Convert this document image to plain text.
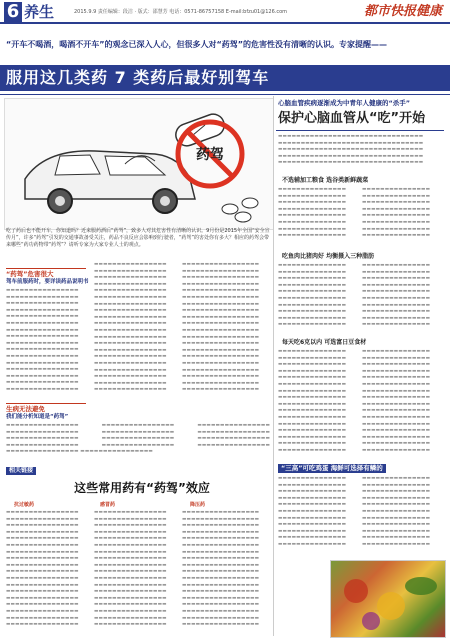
6 养生	2015.9.9 责任编辑：段洁 · 版式：邵慧芳 电话：0571-86757158 E-mail:bfzu01@126.com	都市快报健康
“开车不喝酒，喝酒不开车”的观念已深入人心，但很多人对“药驾”的危害性没有清晰的认识。专家提醒——
服用这几类药 7 类药后最好别驾车
药驾
吃了药后也不能开车，你知道吗？近来服药酒后“药驾”，致多人对其危害性有清晰的认识。9月份是2015年全国“安全宣传月”，许多“药驾”引发的交通事故备受关注，药品不良反应会影响到行驶者，“药驾”的害处你有多大？相应的药驾会带来哪些“药功药物带“药驾”？请听专家为大家专业人士的观点。
“药驾”危害很大
驾车前服药时，要详读药品说明书
▬▬▬▬▬▬▬▬▬▬▬▬▬▬▬▬ ▬▬▬▬▬▬▬▬▬▬▬▬▬▬▬▬ ▬▬▬▬▬▬▬▬▬▬▬▬▬▬▬▬ ▬▬▬▬▬▬▬▬▬▬▬▬▬▬▬▬ ▬▬▬▬▬▬▬▬▬▬▬▬▬▬▬▬ ▬▬▬▬▬▬▬▬▬▬▬▬▬▬▬▬ ▬▬▬▬▬▬▬▬▬▬▬▬▬▬▬▬ ▬▬▬▬▬▬▬▬▬▬▬▬▬▬▬▬ ▬▬▬▬▬▬▬▬▬▬▬▬▬▬▬▬ ▬▬▬▬▬▬▬▬▬▬▬▬▬▬▬▬ ▬▬▬▬▬▬▬▬▬▬▬▬▬▬▬▬ ▬▬▬▬▬▬▬▬▬▬▬▬▬▬▬▬ ▬▬▬▬▬▬▬▬▬▬▬▬▬▬▬▬ ▬▬▬▬▬▬▬▬▬▬▬▬▬▬▬▬ ▬▬▬▬▬▬▬▬▬▬▬▬▬▬▬▬ ▬▬▬▬▬▬▬▬▬▬▬▬▬▬▬▬
▬▬▬▬▬▬▬▬▬▬▬▬▬▬▬▬ ▬▬▬▬▬▬▬▬▬▬▬▬▬▬▬▬ ▬▬▬▬▬▬▬▬▬▬▬▬▬▬▬▬ ▬▬▬▬▬▬▬▬▬▬▬▬▬▬▬▬ ▬▬▬▬▬▬▬▬▬▬▬▬▬▬▬▬ ▬▬▬▬▬▬▬▬▬▬▬▬▬▬▬▬ ▬▬▬▬▬▬▬▬▬▬▬▬▬▬▬▬ ▬▬▬▬▬▬▬▬▬▬▬▬▬▬▬▬ ▬▬▬▬▬▬▬▬▬▬▬▬▬▬▬▬ ▬▬▬▬▬▬▬▬▬▬▬▬▬▬▬▬ ▬▬▬▬▬▬▬▬▬▬▬▬▬▬▬▬ ▬▬▬▬▬▬▬▬▬▬▬▬▬▬▬▬ ▬▬▬▬▬▬▬▬▬▬▬▬▬▬▬▬ ▬▬▬▬▬▬▬▬▬▬▬▬▬▬▬▬ ▬▬▬▬▬▬▬▬▬▬▬▬▬▬▬▬ ▬▬▬▬▬▬▬▬▬▬▬▬▬▬▬▬ ▬▬▬▬▬▬▬▬▬▬▬▬▬▬▬▬ ▬▬▬▬▬▬▬▬▬▬▬▬▬▬▬▬ ▬▬▬▬▬▬▬▬▬▬▬▬▬▬▬▬ ▬▬▬▬▬▬▬▬▬▬▬▬▬▬▬▬
▬▬▬▬▬▬▬▬▬▬▬▬▬▬▬▬▬ ▬▬▬▬▬▬▬▬▬▬▬▬▬▬▬▬▬ ▬▬▬▬▬▬▬▬▬▬▬▬▬▬▬▬▬ ▬▬▬▬▬▬▬▬▬▬▬▬▬▬▬▬▬ ▬▬▬▬▬▬▬▬▬▬▬▬▬▬▬▬▬ ▬▬▬▬▬▬▬▬▬▬▬▬▬▬▬▬▬ ▬▬▬▬▬▬▬▬▬▬▬▬▬▬▬▬▬ ▬▬▬▬▬▬▬▬▬▬▬▬▬▬▬▬▬ ▬▬▬▬▬▬▬▬▬▬▬▬▬▬▬▬▬ ▬▬▬▬▬▬▬▬▬▬▬▬▬▬▬▬▬ ▬▬▬▬▬▬▬▬▬▬▬▬▬▬▬▬▬ ▬▬▬▬▬▬▬▬▬▬▬▬▬▬▬▬▬ ▬▬▬▬▬▬▬▬▬▬▬▬▬▬▬▬▬ ▬▬▬▬▬▬▬▬▬▬▬▬▬▬▬▬▬ ▬▬▬▬▬▬▬▬▬▬▬▬▬▬▬▬▬ ▬▬▬▬▬▬▬▬▬▬▬▬▬▬▬▬▬ ▬▬▬▬▬▬▬▬▬▬▬▬▬▬▬▬▬ ▬▬▬▬▬▬▬▬▬▬▬▬▬▬▬▬▬ ▬▬▬▬▬▬▬▬▬▬▬▬▬▬▬▬▬ ▬▬▬▬▬▬▬▬▬▬▬▬▬▬▬▬▬
生病无法避免
我们能分析知道是“药驾”
▬▬▬▬▬▬▬▬▬▬▬▬▬▬▬▬ ▬▬▬▬▬▬▬▬▬▬▬▬▬▬▬▬ ▬▬▬▬▬▬▬▬▬▬▬▬▬▬▬▬ ▬▬▬▬▬▬▬▬▬▬▬▬▬▬▬▬ ▬▬▬▬▬▬▬▬▬▬▬▬▬▬▬▬ ▬▬▬▬▬▬▬▬▬▬▬▬▬▬▬▬ ▬▬▬▬▬▬▬▬▬▬▬▬▬▬▬▬ ▬▬▬▬▬▬▬▬▬▬▬▬▬▬▬▬ ▬▬▬▬▬▬▬▬▬▬▬▬▬▬▬▬ ▬▬▬▬▬▬▬▬▬▬▬▬▬▬▬▬ ▬▬▬▬▬▬▬▬▬▬▬▬▬▬▬▬ ▬▬▬▬▬▬▬▬▬▬▬▬▬▬▬▬ ▬▬▬▬▬▬▬▬▬▬▬▬▬▬▬▬ ▬▬▬▬▬▬▬▬▬▬▬▬▬▬▬▬
相关链接
这些常用药有“药驾”效应
抗过敏药
▬▬▬▬▬▬▬▬▬▬▬▬▬▬▬▬ ▬▬▬▬▬▬▬▬▬▬▬▬▬▬▬▬ ▬▬▬▬▬▬▬▬▬▬▬▬▬▬▬▬ ▬▬▬▬▬▬▬▬▬▬▬▬▬▬▬▬ ▬▬▬▬▬▬▬▬▬▬▬▬▬▬▬▬ ▬▬▬▬▬▬▬▬▬▬▬▬▬▬▬▬ ▬▬▬▬▬▬▬▬▬▬▬▬▬▬▬▬ ▬▬▬▬▬▬▬▬▬▬▬▬▬▬▬▬ ▬▬▬▬▬▬▬▬▬▬▬▬▬▬▬▬ ▬▬▬▬▬▬▬▬▬▬▬▬▬▬▬▬ ▬▬▬▬▬▬▬▬▬▬▬▬▬▬▬▬ ▬▬▬▬▬▬▬▬▬▬▬▬▬▬▬▬ ▬▬▬▬▬▬▬▬▬▬▬▬▬▬▬▬ ▬▬▬▬▬▬▬▬▬▬▬▬▬▬▬▬ ▬▬▬▬▬▬▬▬▬▬▬▬▬▬▬▬ ▬▬▬▬▬▬▬▬▬▬▬▬▬▬▬▬ ▬▬▬▬▬▬▬▬▬▬▬▬▬▬▬▬ ▬▬▬▬▬▬▬▬▬▬▬▬▬▬▬▬
感冒药
▬▬▬▬▬▬▬▬▬▬▬▬▬▬▬▬ ▬▬▬▬▬▬▬▬▬▬▬▬▬▬▬▬ ▬▬▬▬▬▬▬▬▬▬▬▬▬▬▬▬ ▬▬▬▬▬▬▬▬▬▬▬▬▬▬▬▬ ▬▬▬▬▬▬▬▬▬▬▬▬▬▬▬▬ ▬▬▬▬▬▬▬▬▬▬▬▬▬▬▬▬ ▬▬▬▬▬▬▬▬▬▬▬▬▬▬▬▬ ▬▬▬▬▬▬▬▬▬▬▬▬▬▬▬▬ ▬▬▬▬▬▬▬▬▬▬▬▬▬▬▬▬ ▬▬▬▬▬▬▬▬▬▬▬▬▬▬▬▬ ▬▬▬▬▬▬▬▬▬▬▬▬▬▬▬▬ ▬▬▬▬▬▬▬▬▬▬▬▬▬▬▬▬ ▬▬▬▬▬▬▬▬▬▬▬▬▬▬▬▬ ▬▬▬▬▬▬▬▬▬▬▬▬▬▬▬▬ ▬▬▬▬▬▬▬▬▬▬▬▬▬▬▬▬ ▬▬▬▬▬▬▬▬▬▬▬▬▬▬▬▬ ▬▬▬▬▬▬▬▬▬▬▬▬▬▬▬▬ ▬▬▬▬▬▬▬▬▬▬▬▬▬▬▬▬
降压药
▬▬▬▬▬▬▬▬▬▬▬▬▬▬▬▬▬ ▬▬▬▬▬▬▬▬▬▬▬▬▬▬▬▬▬ ▬▬▬▬▬▬▬▬▬▬▬▬▬▬▬▬▬ ▬▬▬▬▬▬▬▬▬▬▬▬▬▬▬▬▬ ▬▬▬▬▬▬▬▬▬▬▬▬▬▬▬▬▬ ▬▬▬▬▬▬▬▬▬▬▬▬▬▬▬▬▬ ▬▬▬▬▬▬▬▬▬▬▬▬▬▬▬▬▬ ▬▬▬▬▬▬▬▬▬▬▬▬▬▬▬▬▬ ▬▬▬▬▬▬▬▬▬▬▬▬▬▬▬▬▬ ▬▬▬▬▬▬▬▬▬▬▬▬▬▬▬▬▬ ▬▬▬▬▬▬▬▬▬▬▬▬▬▬▬▬▬ ▬▬▬▬▬▬▬▬▬▬▬▬▬▬▬▬▬ ▬▬▬▬▬▬▬▬▬▬▬▬▬▬▬▬▬ ▬▬▬▬▬▬▬▬▬▬▬▬▬▬▬▬▬ ▬▬▬▬▬▬▬▬▬▬▬▬▬▬▬▬▬ ▬▬▬▬▬▬▬▬▬▬▬▬▬▬▬▬▬ ▬▬▬▬▬▬▬▬▬▬▬▬▬▬▬▬▬ ▬▬▬▬▬▬▬▬▬▬▬▬▬▬▬▬▬
心脑血管疾病逐渐成为中青年人健康的“杀手”
保护心脑血管从“吃”开始
▬▬▬▬▬▬▬▬▬▬▬▬▬▬▬▬▬▬▬▬▬▬▬▬▬▬▬▬▬▬▬▬ ▬▬▬▬▬▬▬▬▬▬▬▬▬▬▬▬▬▬▬▬▬▬▬▬▬▬▬▬▬▬▬▬ ▬▬▬▬▬▬▬▬▬▬▬▬▬▬▬▬▬▬▬▬▬▬▬▬▬▬▬▬▬▬▬▬ ▬▬▬▬▬▬▬▬▬▬▬▬▬▬▬▬▬▬▬▬▬▬▬▬▬▬▬▬▬▬▬▬ ▬▬▬▬▬▬▬▬▬▬▬▬▬▬▬▬▬▬▬▬▬▬▬▬▬▬▬▬▬▬▬▬
不选辅加工粮食 选谷类新鲜蔬菜
▬▬▬▬▬▬▬▬▬▬▬▬▬▬▬ ▬▬▬▬▬▬▬▬▬▬▬▬▬▬▬ ▬▬▬▬▬▬▬▬▬▬▬▬▬▬▬ ▬▬▬▬▬▬▬▬▬▬▬▬▬▬▬ ▬▬▬▬▬▬▬▬▬▬▬▬▬▬▬ ▬▬▬▬▬▬▬▬▬▬▬▬▬▬▬ ▬▬▬▬▬▬▬▬▬▬▬▬▬▬▬ ▬▬▬▬▬▬▬▬▬▬▬▬▬▬▬
▬▬▬▬▬▬▬▬▬▬▬▬▬▬▬ ▬▬▬▬▬▬▬▬▬▬▬▬▬▬▬ ▬▬▬▬▬▬▬▬▬▬▬▬▬▬▬ ▬▬▬▬▬▬▬▬▬▬▬▬▬▬▬ ▬▬▬▬▬▬▬▬▬▬▬▬▬▬▬ ▬▬▬▬▬▬▬▬▬▬▬▬▬▬▬ ▬▬▬▬▬▬▬▬▬▬▬▬▬▬▬ ▬▬▬▬▬▬▬▬▬▬▬▬▬▬▬
吃鱼肉比猪肉好 均衡摄入三种脂肪
▬▬▬▬▬▬▬▬▬▬▬▬▬▬▬ ▬▬▬▬▬▬▬▬▬▬▬▬▬▬▬ ▬▬▬▬▬▬▬▬▬▬▬▬▬▬▬ ▬▬▬▬▬▬▬▬▬▬▬▬▬▬▬ ▬▬▬▬▬▬▬▬▬▬▬▬▬▬▬ ▬▬▬▬▬▬▬▬▬▬▬▬▬▬▬ ▬▬▬▬▬▬▬▬▬▬▬▬▬▬▬ ▬▬▬▬▬▬▬▬▬▬▬▬▬▬▬ ▬▬▬▬▬▬▬▬▬▬▬▬▬▬▬ ▬▬▬▬▬▬▬▬▬▬▬▬▬▬▬
▬▬▬▬▬▬▬▬▬▬▬▬▬▬▬ ▬▬▬▬▬▬▬▬▬▬▬▬▬▬▬ ▬▬▬▬▬▬▬▬▬▬▬▬▬▬▬ ▬▬▬▬▬▬▬▬▬▬▬▬▬▬▬ ▬▬▬▬▬▬▬▬▬▬▬▬▬▬▬ ▬▬▬▬▬▬▬▬▬▬▬▬▬▬▬ ▬▬▬▬▬▬▬▬▬▬▬▬▬▬▬ ▬▬▬▬▬▬▬▬▬▬▬▬▬▬▬ ▬▬▬▬▬▬▬▬▬▬▬▬▬▬▬ ▬▬▬▬▬▬▬▬▬▬▬▬▬▬▬
每天吃6克以内 可选富日豆食材
▬▬▬▬▬▬▬▬▬▬▬▬▬▬▬ ▬▬▬▬▬▬▬▬▬▬▬▬▬▬▬ ▬▬▬▬▬▬▬▬▬▬▬▬▬▬▬ ▬▬▬▬▬▬▬▬▬▬▬▬▬▬▬ ▬▬▬▬▬▬▬▬▬▬▬▬▬▬▬ ▬▬▬▬▬▬▬▬▬▬▬▬▬▬▬ ▬▬▬▬▬▬▬▬▬▬▬▬▬▬▬ ▬▬▬▬▬▬▬▬▬▬▬▬▬▬▬ ▬▬▬▬▬▬▬▬▬▬▬▬▬▬▬ ▬▬▬▬▬▬▬▬▬▬▬▬▬▬▬ ▬▬▬▬▬▬▬▬▬▬▬▬▬▬▬ ▬▬▬▬▬▬▬▬▬▬▬▬▬▬▬ ▬▬▬▬▬▬▬▬▬▬▬▬▬▬▬ ▬▬▬▬▬▬▬▬▬▬▬▬▬▬▬ ▬▬▬▬▬▬▬▬▬▬▬▬▬▬▬ ▬▬▬▬▬▬▬▬▬▬▬▬▬▬▬
▬▬▬▬▬▬▬▬▬▬▬▬▬▬▬ ▬▬▬▬▬▬▬▬▬▬▬▬▬▬▬ ▬▬▬▬▬▬▬▬▬▬▬▬▬▬▬ ▬▬▬▬▬▬▬▬▬▬▬▬▬▬▬ ▬▬▬▬▬▬▬▬▬▬▬▬▬▬▬ ▬▬▬▬▬▬▬▬▬▬▬▬▬▬▬ ▬▬▬▬▬▬▬▬▬▬▬▬▬▬▬ ▬▬▬▬▬▬▬▬▬▬▬▬▬▬▬ ▬▬▬▬▬▬▬▬▬▬▬▬▬▬▬ ▬▬▬▬▬▬▬▬▬▬▬▬▬▬▬ ▬▬▬▬▬▬▬▬▬▬▬▬▬▬▬ ▬▬▬▬▬▬▬▬▬▬▬▬▬▬▬ ▬▬▬▬▬▬▬▬▬▬▬▬▬▬▬ ▬▬▬▬▬▬▬▬▬▬▬▬▬▬▬ ▬▬▬▬▬▬▬▬▬▬▬▬▬▬▬ ▬▬▬▬▬▬▬▬▬▬▬▬▬▬▬
“三高”可吃鸡蛋 海鲜可选择有鳞的
▬▬▬▬▬▬▬▬▬▬▬▬▬▬▬ ▬▬▬▬▬▬▬▬▬▬▬▬▬▬▬ ▬▬▬▬▬▬▬▬▬▬▬▬▬▬▬ ▬▬▬▬▬▬▬▬▬▬▬▬▬▬▬ ▬▬▬▬▬▬▬▬▬▬▬▬▬▬▬ ▬▬▬▬▬▬▬▬▬▬▬▬▬▬▬ ▬▬▬▬▬▬▬▬▬▬▬▬▬▬▬ ▬▬▬▬▬▬▬▬▬▬▬▬▬▬▬ ▬▬▬▬▬▬▬▬▬▬▬▬▬▬▬ ▬▬▬▬▬▬▬▬▬▬▬▬▬▬▬ ▬▬▬▬▬▬▬▬▬▬▬▬▬▬▬
▬▬▬▬▬▬▬▬▬▬▬▬▬▬▬ ▬▬▬▬▬▬▬▬▬▬▬▬▬▬▬ ▬▬▬▬▬▬▬▬▬▬▬▬▬▬▬ ▬▬▬▬▬▬▬▬▬▬▬▬▬▬▬ ▬▬▬▬▬▬▬▬▬▬▬▬▬▬▬ ▬▬▬▬▬▬▬▬▬▬▬▬▬▬▬ ▬▬▬▬▬▬▬▬▬▬▬▬▬▬▬ ▬▬▬▬▬▬▬▬▬▬▬▬▬▬▬ ▬▬▬▬▬▬▬▬▬▬▬▬▬▬▬ ▬▬▬▬▬▬▬▬▬▬▬▬▬▬▬ ▬▬▬▬▬▬▬▬▬▬▬▬▬▬▬
